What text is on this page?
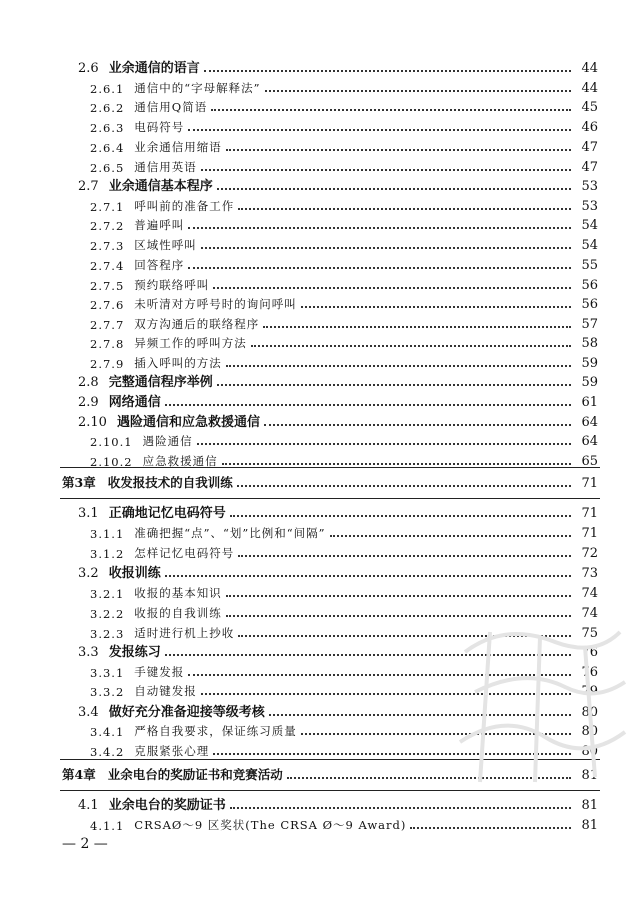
2.6 业余通信的语言	44
2.6.1 通信中的“字母解释法”	44
2.6.2 通信用Q简语	45
2.6.3 电码符号	46
2.6.4 业余通信用缩语	47
2.6.5 通信用英语	47
2.7 业余通信基本程序	53
2.7.1 呼叫前的准备工作	53
2.7.2 普遍呼叫	54
2.7.3 区域性呼叫	54
2.7.4 回答程序	55
2.7.5 预约联络呼叫	56
2.7.6 未听清对方呼号时的询问呼叫	56
2.7.7 双方沟通后的联络程序	57
2.7.8 异频工作的呼叫方法	58
2.7.9 插入呼叫的方法	59
2.8 完整通信程序举例	59
2.9 网络通信	61
2.10 遇险通信和应急救援通信	64
2.10.1 遇险通信	64
2.10.2 应急救援通信	65
第3章 收发报技术的自我训练	71
3.1 正确地记忆电码符号	71
3.1.1 准确把握“点”、“划”比例和“间隔”	71
3.1.2 怎样记忆电码符号	72
3.2 收报训练	73
3.2.1 收报的基本知识	74
3.2.2 收报的自我训练	74
3.2.3 适时进行机上抄收	75
3.3 发报练习	76
3.3.1 手键发报	76
3.3.2 自动键发报	79
3.4 做好充分准备迎接等级考核	80
3.4.1 严格自我要求，保证练习质量	80
3.4.2 克服紧张心理	80
第4章 业余电台的奖励证书和竞赛活动	81
4.1 业余电台的奖励证书	81
4.1.1 CRSAØ～9 区奖状(The CRSA Ø～9 Award)	81
— 2 —
